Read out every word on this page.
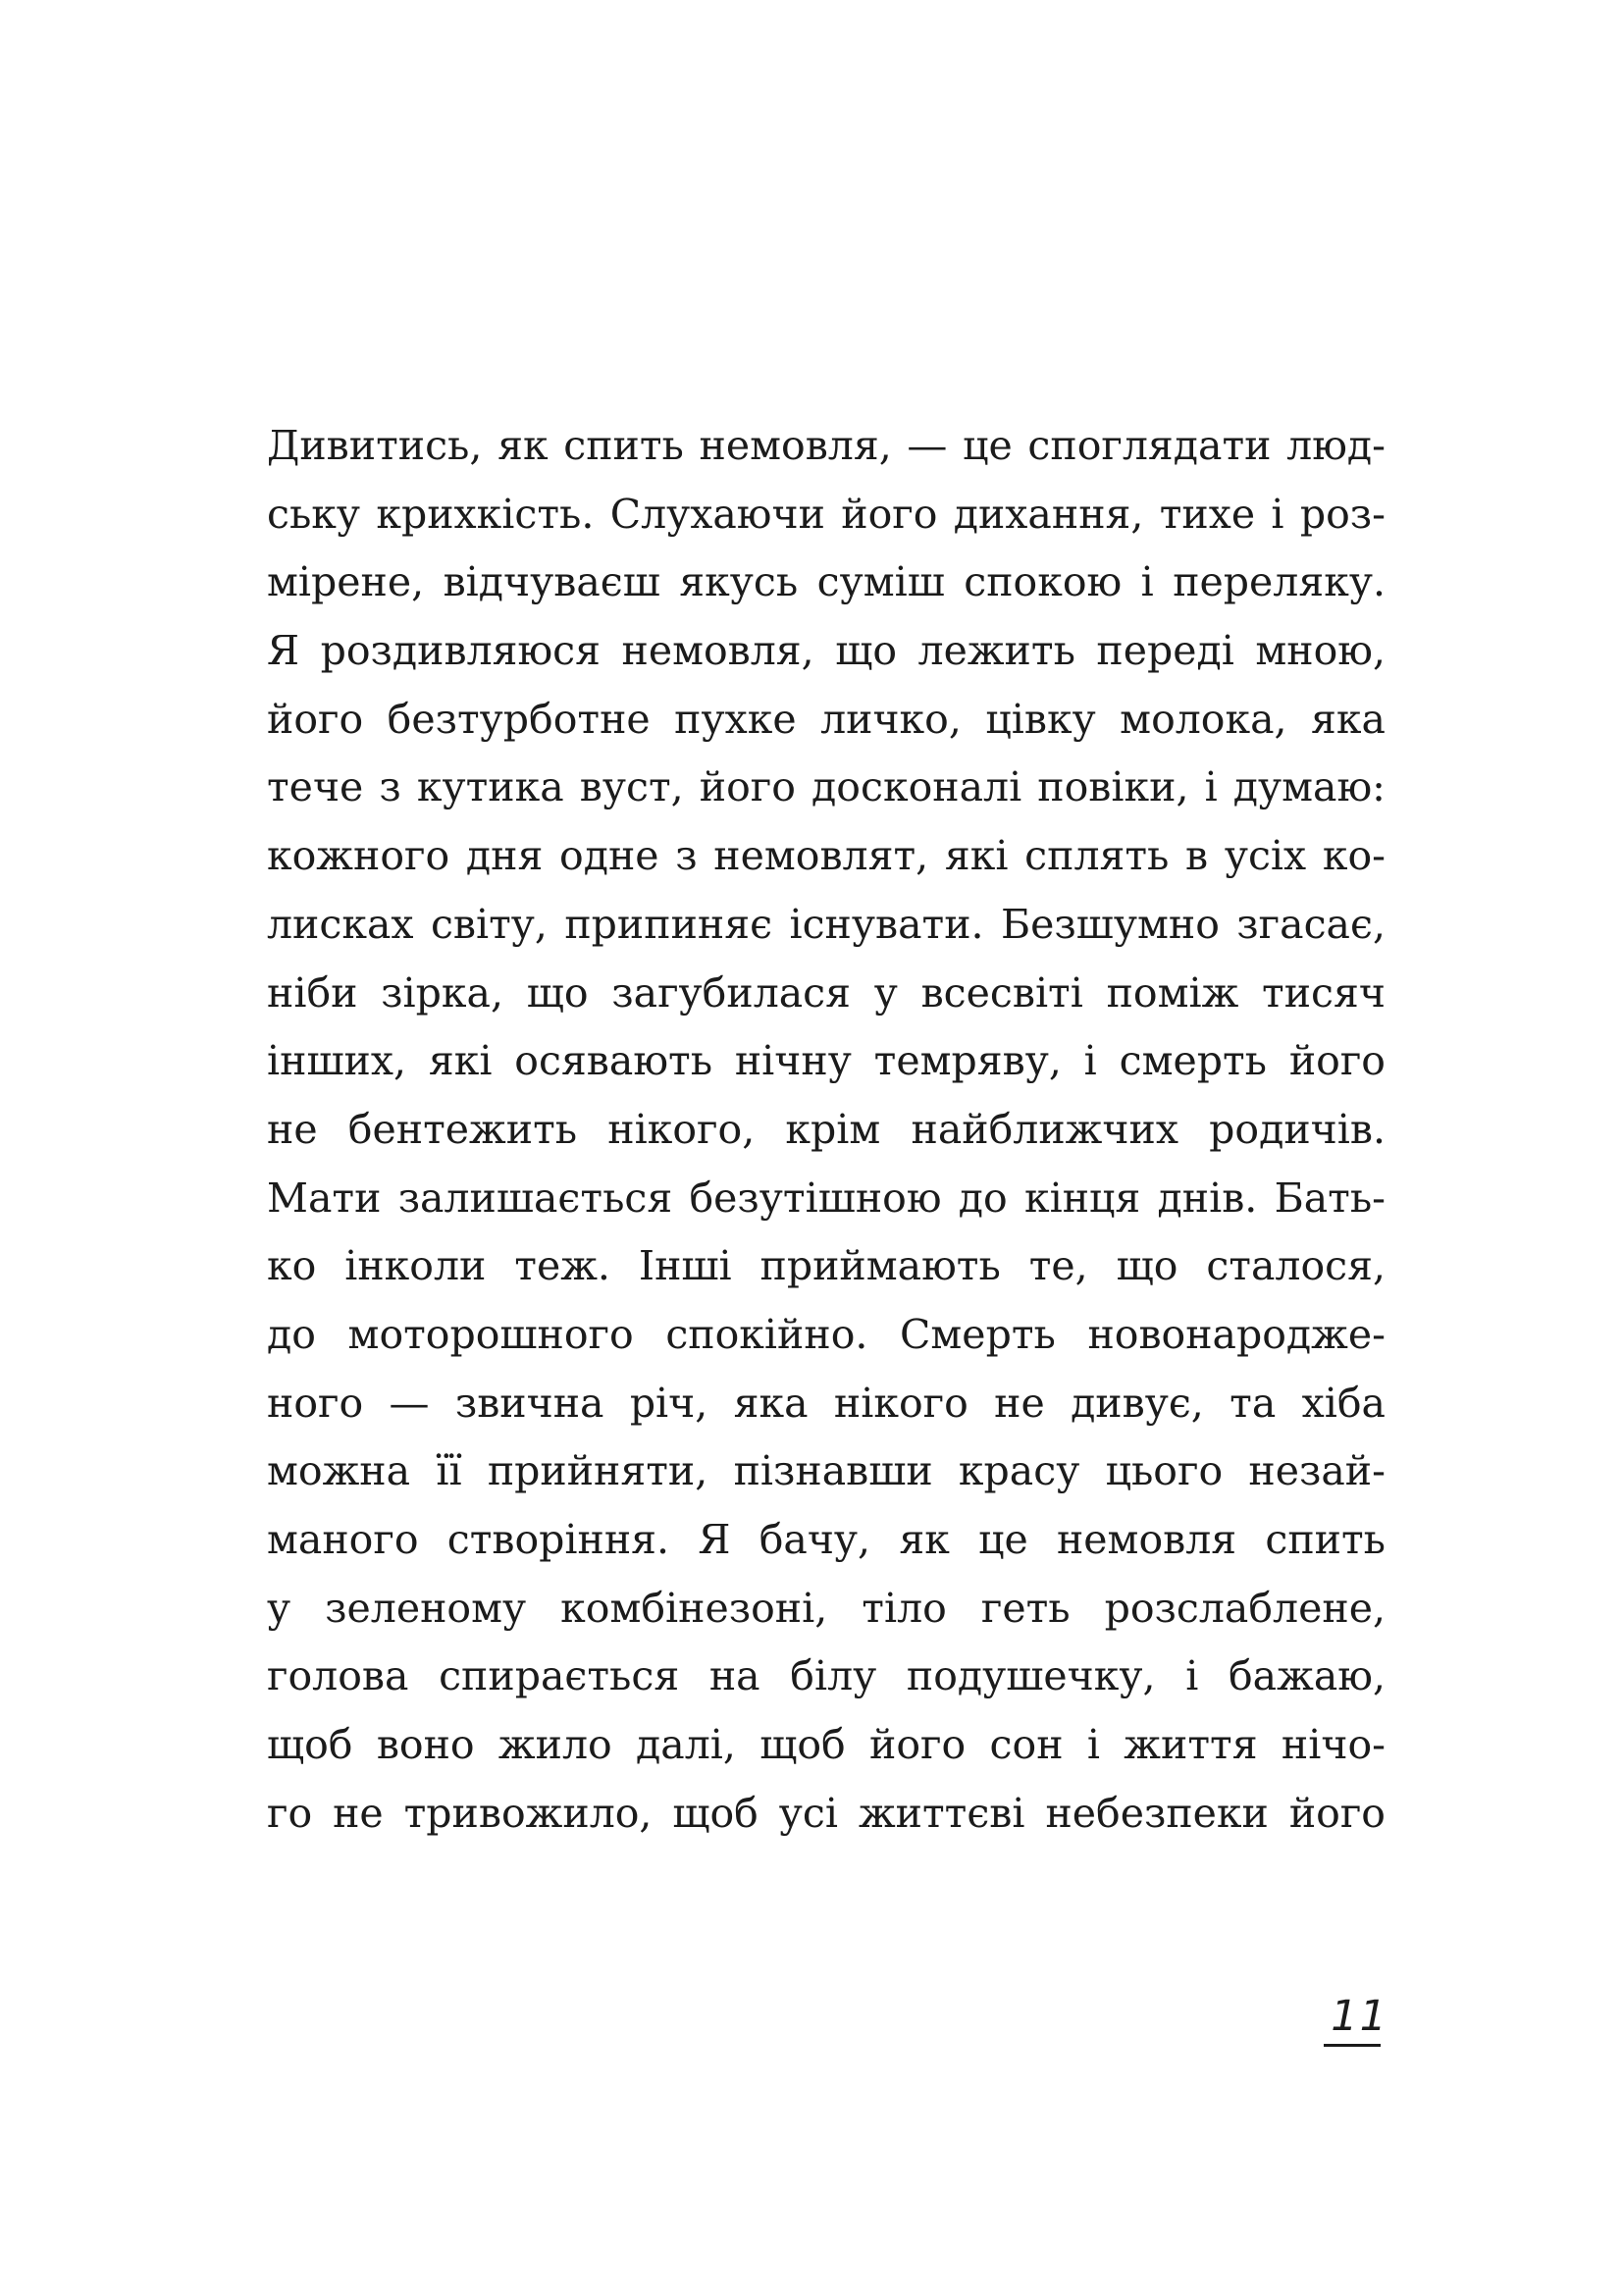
Дивитись, як спить немовля, — це споглядати люд-
ську крихкість. Слухаючи його дихання, тихе і роз-
мірене, відчуваєш якусь суміш спокою і переляку.
Я роздивляюся немовля, що лежить переді мною,
його безтурботне пухке личко, цівку молока, яка
тече з кутика вуст, його досконалі повіки, і думаю:
кожного дня одне з немовлят, які сплять в усіх ко-
лисках світу, припиняє існувати. Безшумно згасає,
ніби зірка, що загубилася у всесвіті поміж тисяч
інших, які осявають нічну темряву, і смерть його
не бентежить нікого, крім найближчих родичів.
Мати залишається безутішною до кінця днів. Бать-
ко інколи теж. Інші приймають те, що сталося,
до моторошного спокійно. Смерть новонародже-
ного — звична річ, яка нікого не дивує, та хіба
можна її прийняти, пізнавши красу цього незай-
маного створіння. Я бачу, як це немовля спить
у зеленому комбінезоні, тіло геть розслаблене,
голова спирається на білу подушечку, і бажаю,
щоб воно жило далі, щоб його сон і життя нічо-
го не тривожило, щоб усі життєві небезпеки його
11
